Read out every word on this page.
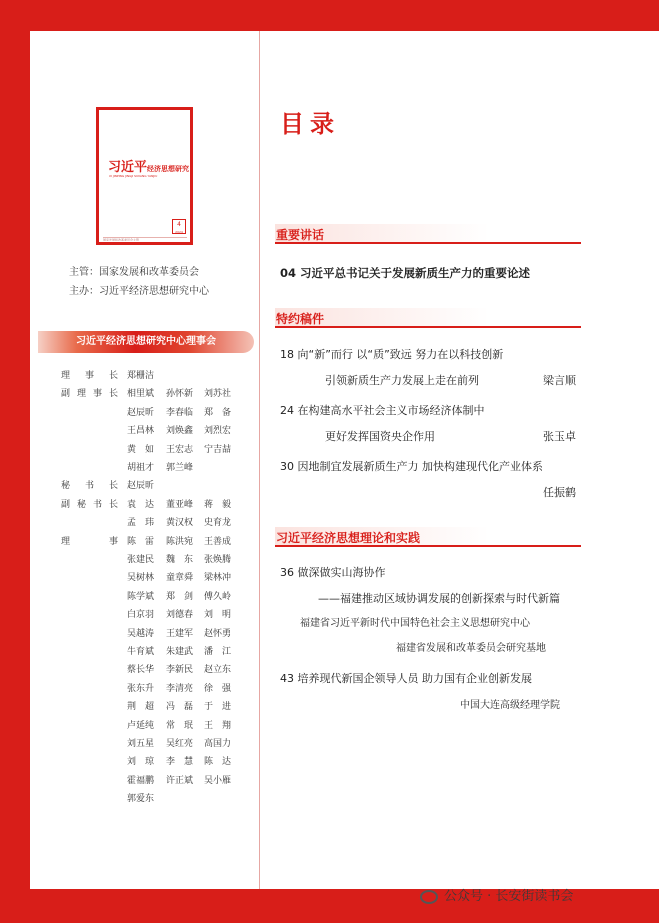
习近平经济思想研究
XI JINPING JINGJI SIXIANG YANJIU
4
2024
国家发展和改革委员会主管
主管：国家发展和改革委员会
主办：习近平经济思想研究中心
习近平经济思想研究中心理事会
理 事 长 郑栅洁
副 理 事 长 相里斌 孙怀新 刘苏社
赵辰昕 李春临 郑　备
王昌林 刘焕鑫 刘烈宏
黄　如 王宏志 宁吉喆
胡祖才 郭兰峰
秘 书 长 赵辰昕
副 秘 书 长 袁　达 董亚峰 蒋　毅
孟　玮 黄汉权 史育龙
理	事 陈　雷 陈洪宛 王善成
张建民 魏　东 张焕腾
吴树林 童章舜 梁林冲
陈学斌 郑　剑 傅久岭
白京羽 刘德春 刘　明
吴越涛 王建军 赵怀勇
牛育斌 朱建武 潘　江
蔡长华 李新民 赵立东
张东升 李清亮 徐　强
荆　超 冯　磊 于　进
卢延纯 常　珉 王　翔
刘五星 吴红亮 高国力
刘　琼 李　慧 陈　达
霍福鹏 许正斌 吴小雁
郭爱东
目录
重要讲话
04 习近平总书记关于发展新质生产力的重要论述
特约稿件
18 向“新”而行 以“质”致远 努力在以科技创新
引领新质生产力发展上走在前列	梁言顺
24 在构建高水平社会主义市场经济体制中
更好发挥国资央企作用	张玉卓
30 因地制宜发展新质生产力 加快构建现代化产业体系
任振鹤
习近平经济思想理论和实践
36 做深做实山海协作
——福建推动区域协调发展的创新探索与时代新篇
福建省习近平新时代中国特色社会主义思想研究中心
福建省发展和改革委员会研究基地
43 培养现代新国企领导人员 助力国有企业创新发展
中国大连高级经理学院
公众号 · 长安街读书会
